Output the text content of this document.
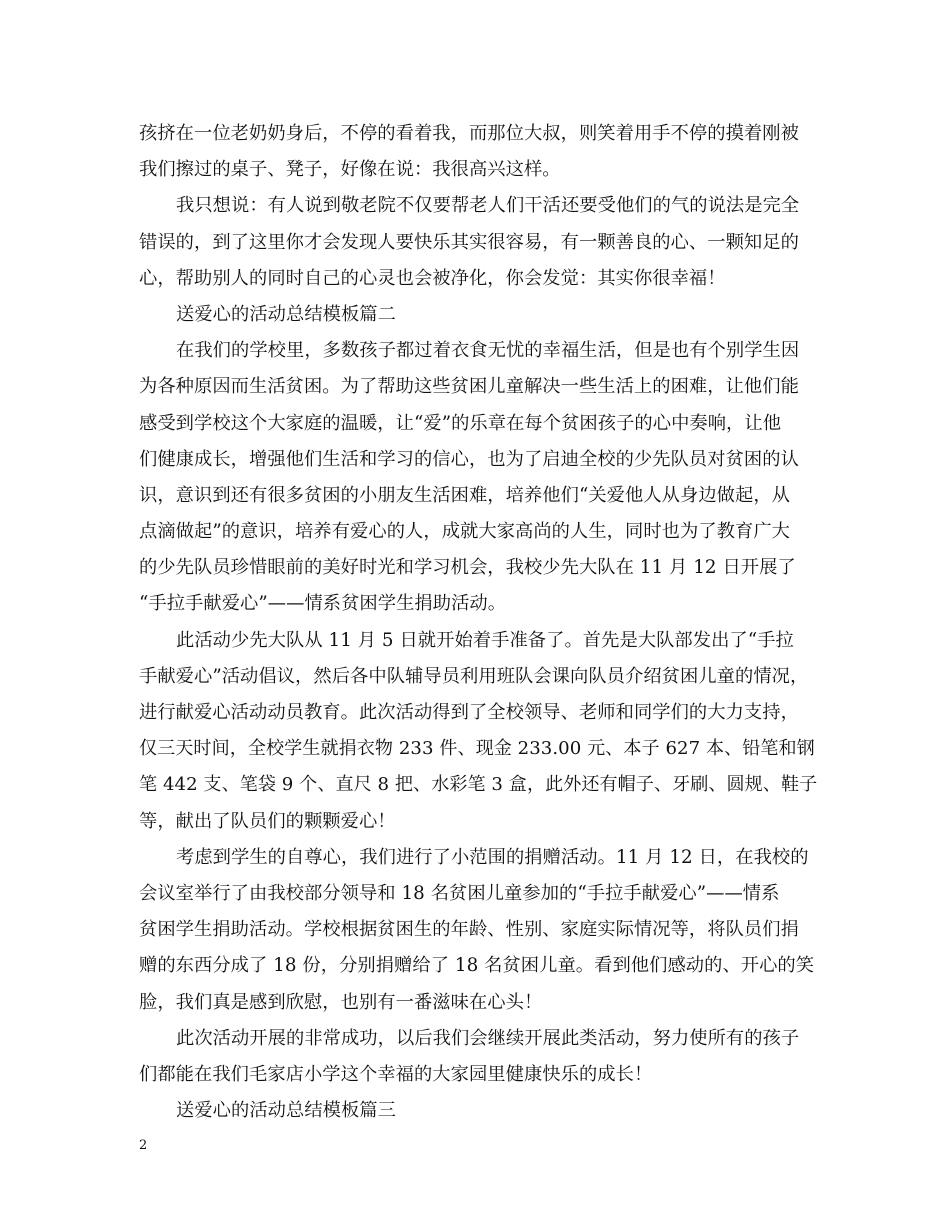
孩挤在一位老奶奶身后，不停的看着我，而那位大叔，则笑着用手不停的摸着刚被
我们擦过的桌子、凳子，好像在说：我很高兴这样。
我只想说：有人说到敬老院不仅要帮老人们干活还要受他们的气的说法是完全
错误的，到了这里你才会发现人要快乐其实很容易，有一颗善良的心、一颗知足的
心，帮助别人的同时自己的心灵也会被净化，你会发觉：其实你很幸福！
送爱心的活动总结模板篇二
在我们的学校里，多数孩子都过着衣食无忧的幸福生活，但是也有个别学生因
为各种原因而生活贫困。为了帮助这些贫困儿童解决一些生活上的困难，让他们能
感受到学校这个大家庭的温暖，让“爱”的乐章在每个贫困孩子的心中奏响，让他
们健康成长，增强他们生活和学习的信心，也为了启迪全校的少先队员对贫困的认
识，意识到还有很多贫困的小朋友生活困难，培养他们“关爱他人从身边做起，从
点滴做起”的意识，培养有爱心的人，成就大家高尚的人生，同时也为了教育广大
的少先队员珍惜眼前的美好时光和学习机会，我校少先大队在 11 月 12 日开展了
“手拉手献爱心”——情系贫困学生捐助活动。
此活动少先大队从 11 月 5 日就开始着手准备了。首先是大队部发出了“手拉
手献爱心”活动倡议，然后各中队辅导员利用班队会课向队员介绍贫困儿童的情况，
进行献爱心活动动员教育。此次活动得到了全校领导、老师和同学们的大力支持，
仅三天时间，全校学生就捐衣物 233 件、现金 233.00 元、本子 627 本、铅笔和钢
笔 442 支、笔袋 9 个、直尺 8 把、水彩笔 3 盒，此外还有帽子、牙刷、圆规、鞋子
等，献出了队员们的颗颗爱心！
考虑到学生的自尊心，我们进行了小范围的捐赠活动。11 月 12 日，在我校的
会议室举行了由我校部分领导和 18 名贫困儿童参加的“手拉手献爱心”——情系
贫困学生捐助活动。学校根据贫困生的年龄、性别、家庭实际情况等，将队员们捐
赠的东西分成了 18 份，分别捐赠给了 18 名贫困儿童。看到他们感动的、开心的笑
脸，我们真是感到欣慰，也别有一番滋味在心头！
此次活动开展的非常成功，以后我们会继续开展此类活动，努力使所有的孩子
们都能在我们毛家店小学这个幸福的大家园里健康快乐的成长！
送爱心的活动总结模板篇三
2
